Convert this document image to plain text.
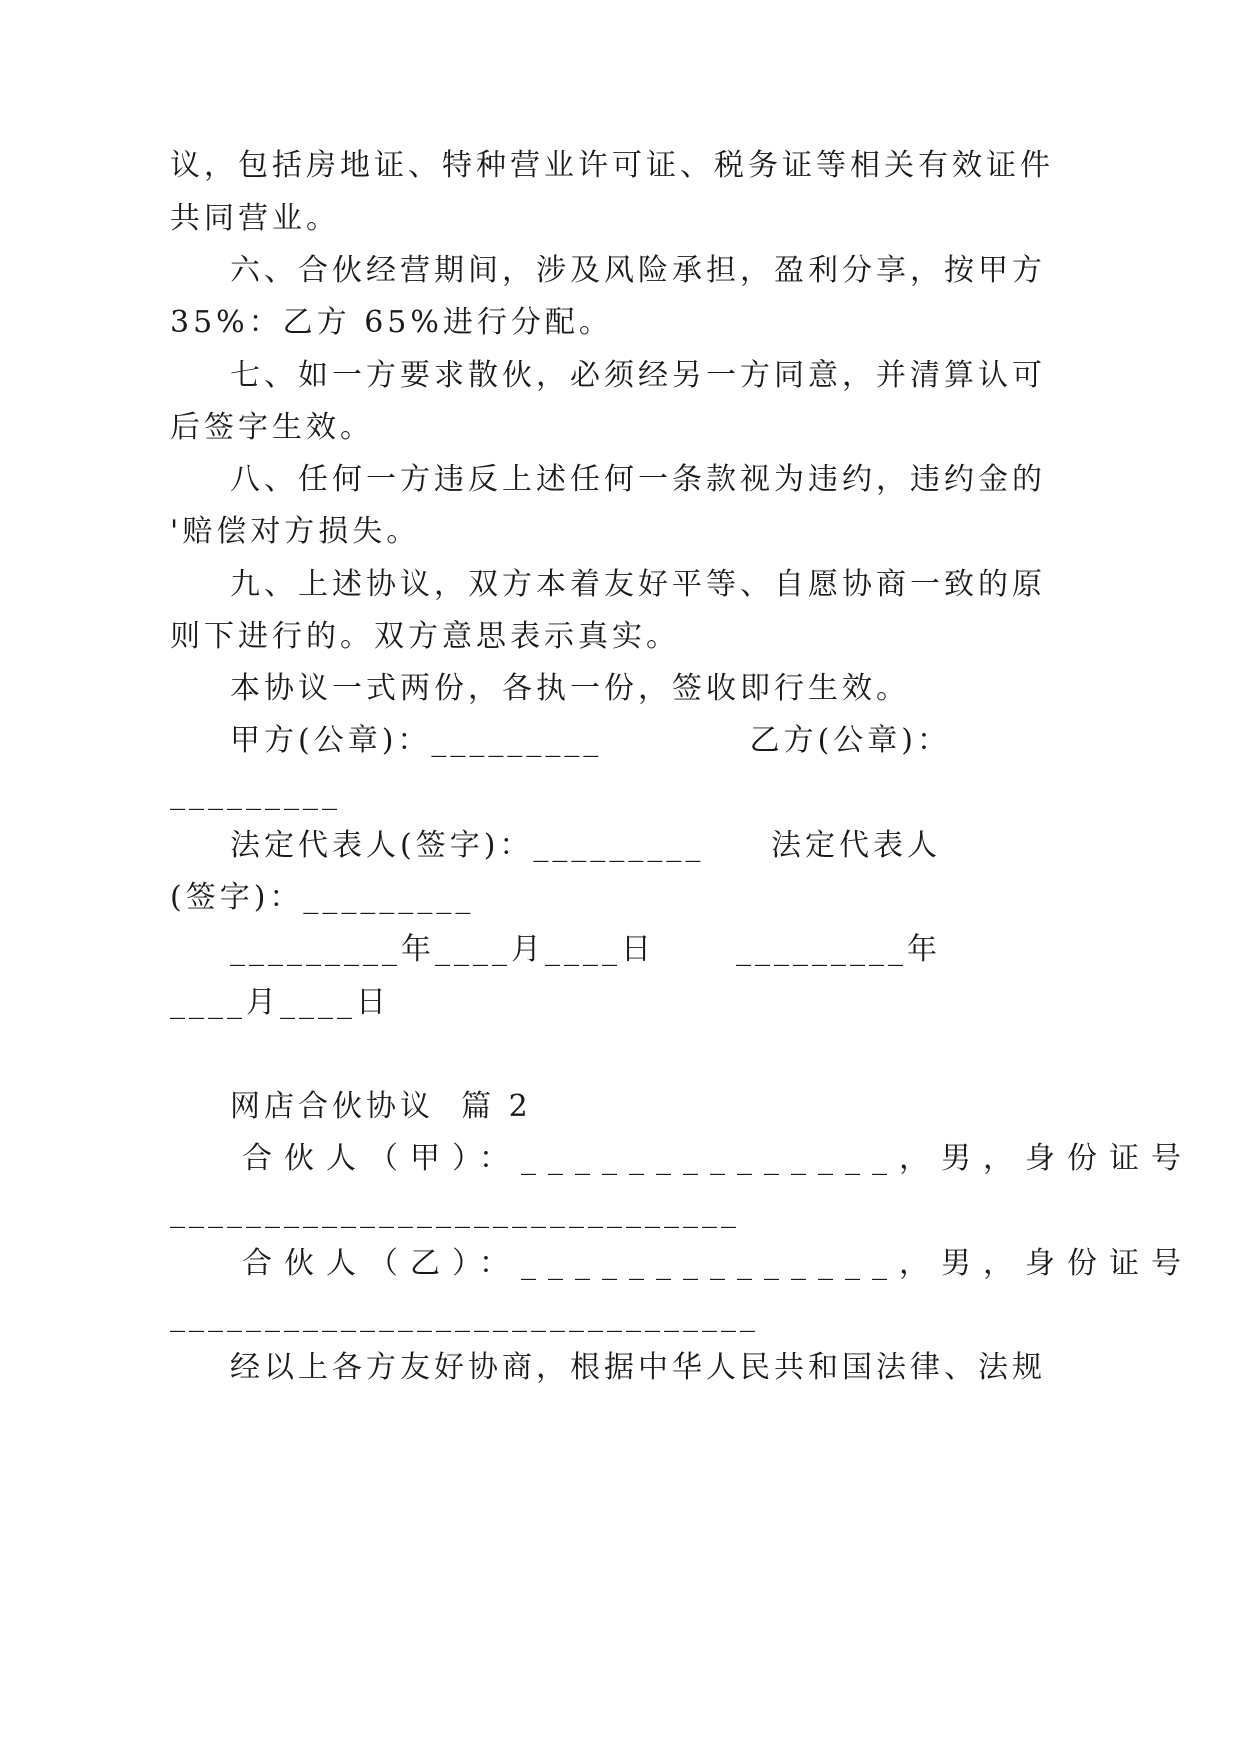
议，包括房地证、特种营业许可证、税务证等相关有效证件
共同营业。
六、合伙经营期间，涉及风险承担，盈利分享，按甲方
35%：乙方 65%进行分配。
七、如一方要求散伙，必须经另一方同意，并清算认可
后签字生效。
八、任何一方违反上述任何一条款视为违约，违约金的
'赔偿对方损失。
九、上述协议，双方本着友好平等、自愿协商一致的原
则下进行的。双方意思表示真实。
本协议一式两份，各执一份，签收即行生效。
甲方(公章)：_________	乙方(公章)：
_________
法定代表人(签字)：_________ 法定代表人
(签字)：_________
_________年____月____日	_________年
____月____日
网店合伙协议  篇 2
合伙人（甲）：______________，男，身份证号
______________________________
合伙人（乙）：______________，男，身份证号
_______________________________
经以上各方友好协商，根据中华人民共和国法律、法规
